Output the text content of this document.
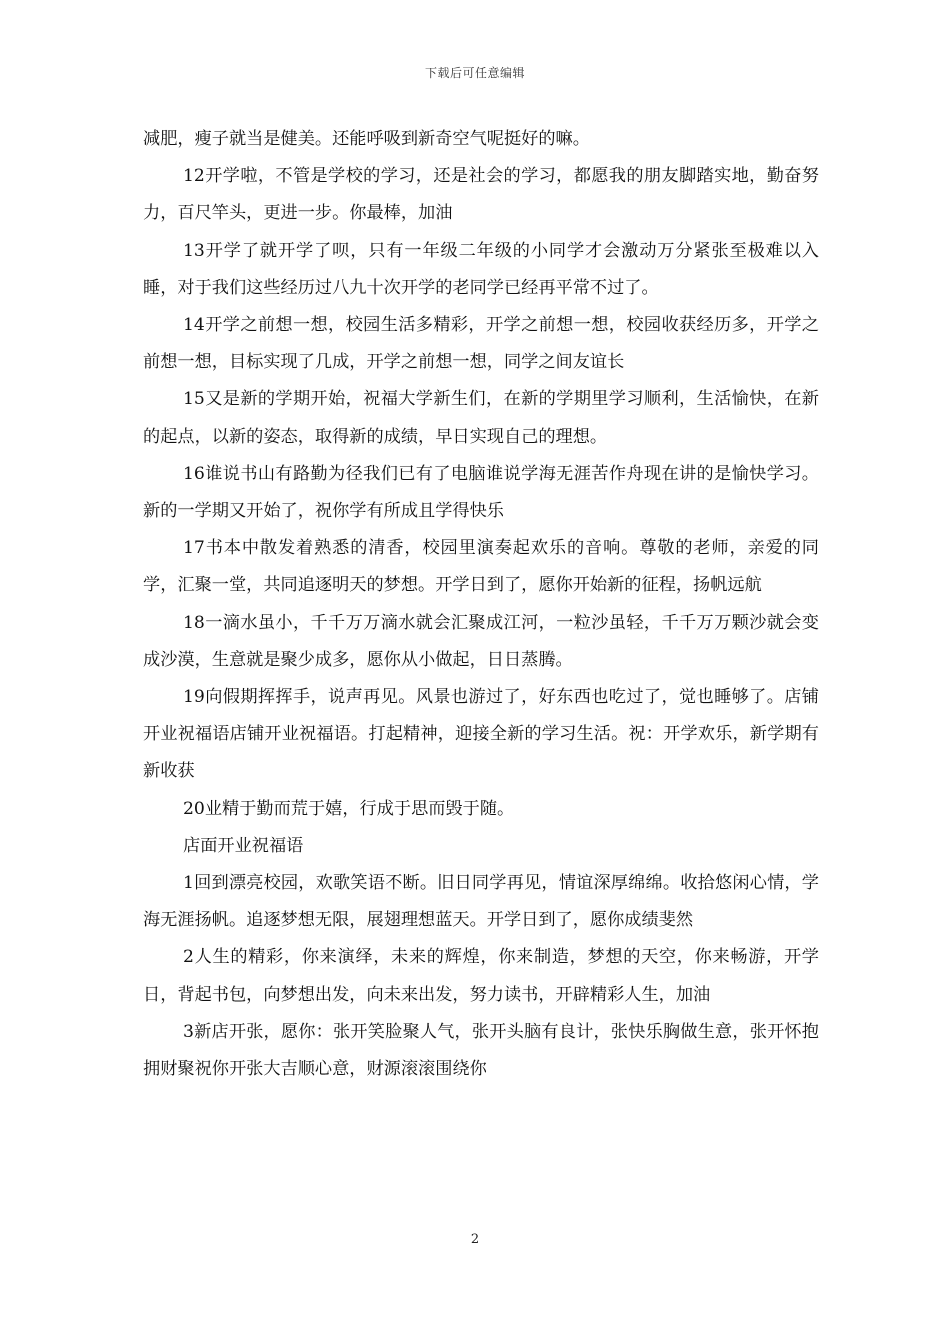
下载后可任意编辑

减肥，瘦子就当是健美。还能呼吸到新奇空气呢挺好的嘛。

12开学啦，不管是学校的学习，还是社会的学习，都愿我的朋友脚踏实地，勤奋努力，百尺竿头，更进一步。你最棒，加油

13开学了就开学了呗，只有一年级二年级的小同学才会激动万分紧张至极难以入睡，对于我们这些经历过八九十次开学的老同学已经再平常不过了。

14开学之前想一想，校园生活多精彩，开学之前想一想，校园收获经历多，开学之前想一想，目标实现了几成，开学之前想一想，同学之间友谊长

15又是新的学期开始，祝福大学新生们，在新的学期里学习顺利，生活愉快，在新的起点，以新的姿态，取得新的成绩，早日实现自己的理想。

16谁说书山有路勤为径我们已有了电脑谁说学海无涯苦作舟现在讲的是愉快学习。新的一学期又开始了，祝你学有所成且学得快乐

17书本中散发着熟悉的清香，校园里演奏起欢乐的音响。尊敬的老师，亲爱的同学，汇聚一堂，共同追逐明天的梦想。开学日到了，愿你开始新的征程，扬帆远航

18一滴水虽小，千千万万滴水就会汇聚成江河，一粒沙虽轻，千千万万颗沙就会变成沙漠，生意就是聚少成多，愿你从小做起，日日蒸腾。

19向假期挥挥手，说声再见。风景也游过了，好东西也吃过了，觉也睡够了。店铺开业祝福语店铺开业祝福语。打起精神，迎接全新的学习生活。祝：开学欢乐，新学期有新收获

20业精于勤而荒于嬉，行成于思而毁于随。

店面开业祝福语

1回到漂亮校园，欢歌笑语不断。旧日同学再见，情谊深厚绵绵。收拾悠闲心情，学海无涯扬帆。追逐梦想无限，展翅理想蓝天。开学日到了，愿你成绩斐然

2人生的精彩，你来演绎，未来的辉煌，你来制造，梦想的天空，你来畅游，开学日，背起书包，向梦想出发，向未来出发，努力读书，开辟精彩人生，加油

3新店开张，愿你：张开笑脸聚人气，张开头脑有良计，张快乐胸做生意，张开怀抱拥财聚祝你开张大吉顺心意，财源滚滚围绕你

2
